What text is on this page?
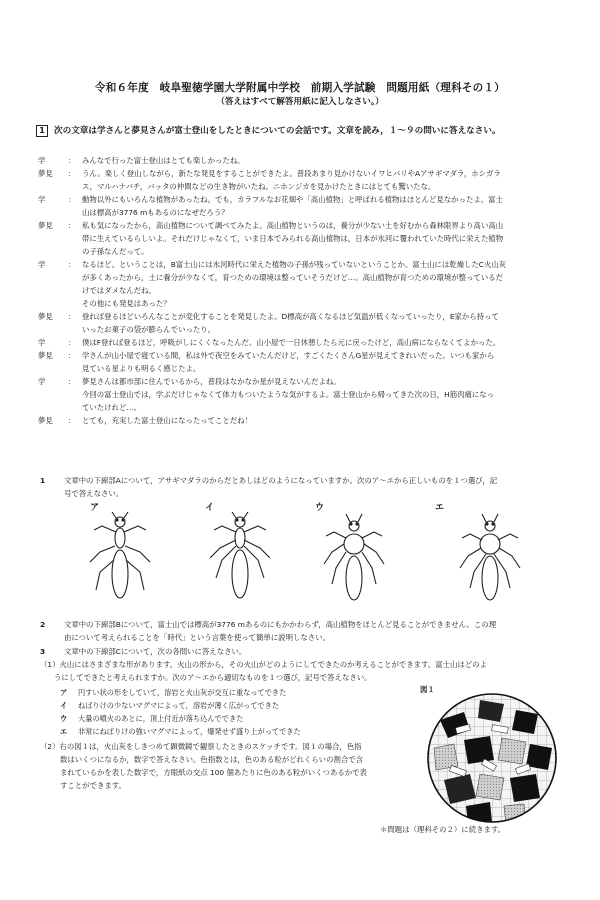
令和６年度　岐阜聖徳学園大学附属中学校　前期入学試験　問題用紙（理科その１）
（答えはすべて解答用紙に記入しなさい。）
1 次の文章は学さんと夢見さんが富士登山をしたときについての会話です。文章を読み，１～９の問いに答えなさい。
学	： みんなで行った富士登山はとても楽しかったね。
夢見	： うん。楽しく登山しながら，新たな発見をすることができたよ。普段あまり見かけないイワヒバリやAアサギマダラ，ホシガラ
ス，マルハナバチ，バッタの仲間などの生き物がいたね。ニホンジカを見かけたときにはとても驚いたな。
学	： 動物以外にもいろんな植物があったね。でも，カラフルなお花畑や「高山植物」と呼ばれる植物はほとんど見なかったよ。富士
山は標高が3776 mもあるのになぜだろう？
夢見	： 私も気になったから，高山植物について調べてみたよ。高山植物というのは，養分が少ない土を好むから森林限界より高い高山
帯に生えているらしいよ。それだけじゃなくて，いま日本でみられる高山植物は，日本が氷河に覆われていた時代に栄えた植物
の子孫なんだって。
学	： なるほど。ということは，B富士山には氷河時代に栄えた植物の子孫が残っていないということか。富士山には乾燥したC火山灰
が多くあったから，土に養分が少なくて，育つための環境は整っていそうだけど…。高山植物が育つための環境が整っているだ
けではダメなんだね。
その他にも発見はあった？
夢見	： 登れば登るほどいろんなことが変化することを発見したよ。D標高が高くなるほど気温が低くなっていったり，E家から持って
いったお菓子の袋が膨らんでいったり。
学	： 僕はF登れば登るほど，呼吸がしにくくなったんだ。山小屋で一日休憩したら元に戻ったけど，高山病にならなくてよかった。
夢見	： 学さんが山小屋で寝ている間，私は外で夜空をみていたんだけど，すごくたくさんG星が見えてきれいだった。いつも家から
見ている星よりも明るく感じたよ。
学	： 夢見さんは都市部に住んでいるから，普段はなかなか星が見えないんだよね。
今回の富士登山では，学ぶだけじゃなくて体力もついたような気がするよ。富士登山から帰ってきた次の日，H筋肉痛になっ
ていたけれど…。
夢見	： とても，充実した富士登山になったってことだね！
1	文章中の下線部Aについて，アサギマダラのからだとあしはどのようになっていますか。次のア～エから正しいものを１つ選び，記
号で答えなさい。
ア	イ	ウ	エ
2	文章中の下線部Bについて，富士山では標高が3776 mあるのにもかかわらず，高山植物をほとんど見ることができません。この理
由について考えられることを「時代」という言葉を使って簡単に説明しなさい。
3	文章中の下線部Cについて，次の各問いに答えなさい。
（1）火山にはさまざまな形があります。火山の形から，その火山がどのようにしてできたのか考えることができます。富士山はどのよ
うにしてできたと考えられますか。次のア～エから適切なものを１つ選び，記号で答えなさい。
ア 円すい状の形をしていて，溶岩と火山灰が交互に重なってできた
イ ねばりけの少ないマグマによって，溶岩が薄く広がってできた
ウ 大量の噴火のあとに，頂上付近が落ち込んでできた
エ 非常にねばりけの強いマグマによって，爆発せず盛り上がってできた
（2）右の図１は，火山灰をしきつめて顕微鏡で観察したときのスケッチです。図１の場合，色指
数はいくつになるか，数字で答えなさい。色指数とは，色のある粒がどれくらいの割合で含
まれているかを表した数字で，方眼紙の交点 100 個あたりに色のある粒がいくつあるかで表
すことができます。
図１
＊問題は（理科その２）に続きます。
